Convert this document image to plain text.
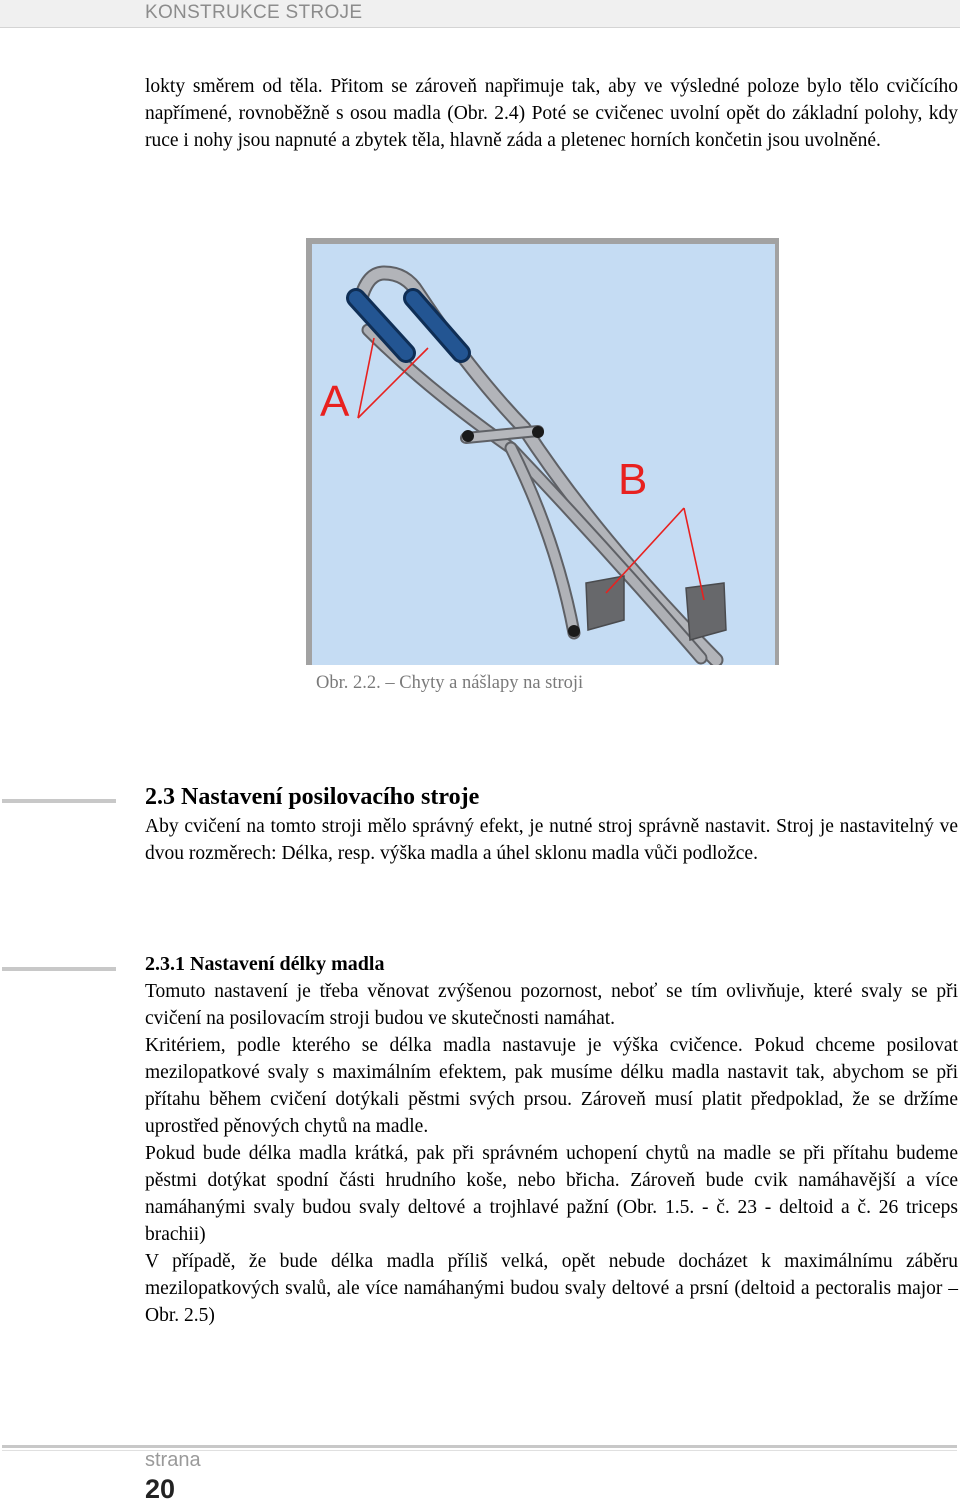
KONSTRUKCE STROJE

lokty směrem od těla. Přitom se zároveň napřimuje tak, aby ve výsledné poloze bylo tělo cvičícího napřímené, rovnoběžně s osou madla (Obr. 2.4) Poté se cvičenec uvolní opět do základní polohy, kdy ruce i nohy jsou napnuté a zbytek těla, hlavně záda a pletenec horních končetin jsou uvolněné.

A
B
Obr. 2.2. – Chyty a nášlapy na stroji
2.3 Nastavení posilovacího stroje

Aby cvičení na tomto stroji mělo správný efekt, je nutné stroj správně nastavit. Stroj je nastavitelný ve dvou rozměrech: Délka, resp. výška madla a úhel sklonu madla vůči podložce.

2.3.1 Nastavení délky madla

Tomuto nastavení je třeba věnovat zvýšenou pozornost, neboť se tím ovlivňuje, které svaly se při cvičení na posilovacím stroji budou ve skutečnosti namáhat.

Kritériem, podle kterého se délka madla nastavuje je výška cvičence. Pokud chceme posilovat mezilopatkové svaly s maximálním efektem, pak musíme délku madla nastavit tak, abychom se při přítahu během cvičení dotýkali pěstmi svých prsou. Zároveň musí platit předpoklad, že se držíme uprostřed pěnových chytů na madle.

Pokud bude délka madla krátká, pak při správném uchopení chytů na madle se při přítahu budeme pěstmi dotýkat spodní části hrudního koše, nebo břicha. Zároveň bude cvik namáhavější a více namáhanými svaly budou svaly deltové a trojhlavé pažní (Obr. 1.5. - č. 23 - deltoid a č. 26 triceps brachii)

V případě, že bude délka madla příliš velká, opět nebude docházet k maximálnímu záběru mezilopatkových svalů, ale více namáhanými budou svaly deltové a prsní (deltoid a pectoralis major – Obr. 2.5)

strana
20
